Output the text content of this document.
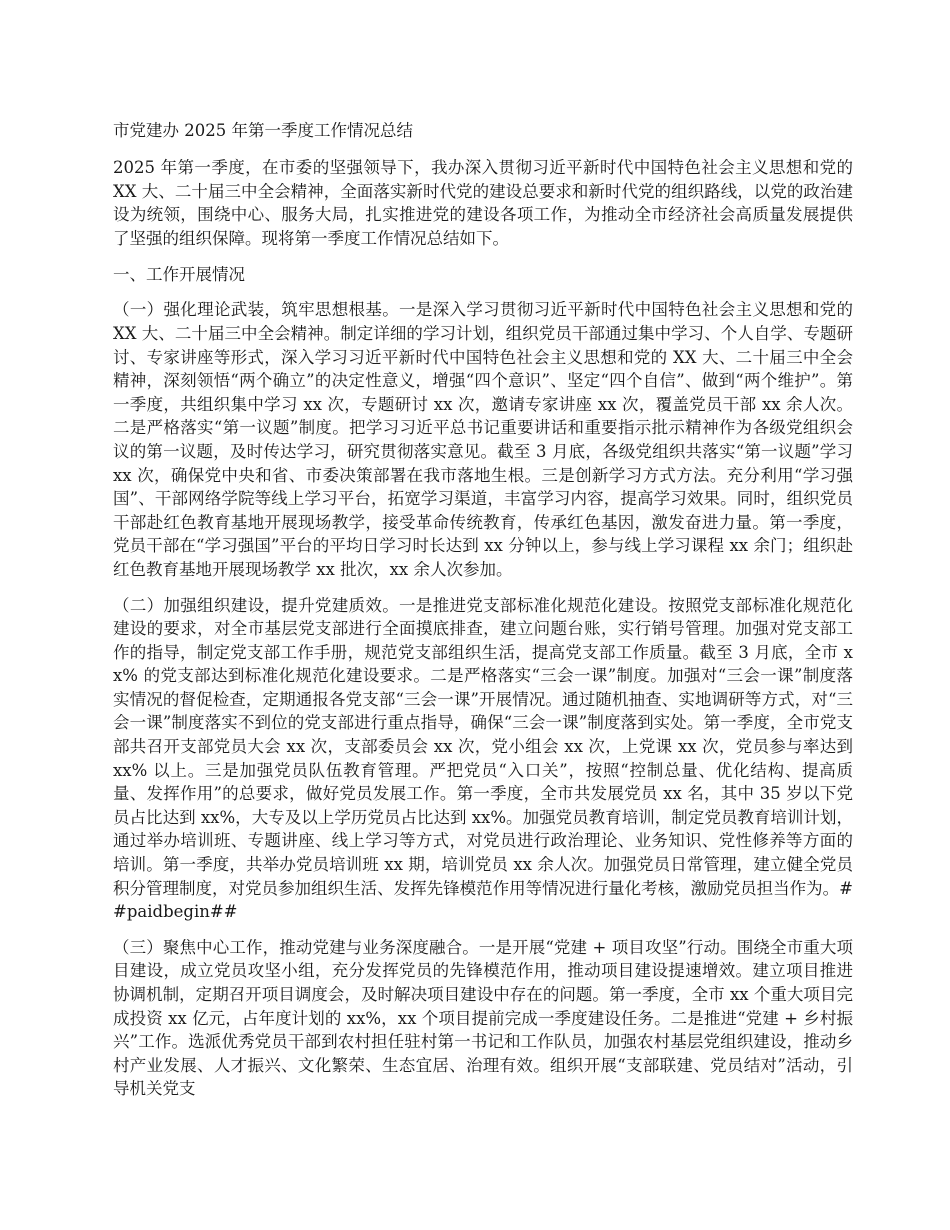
市党建办 2025 年第一季度工作情况总结
2025 年第一季度，在市委的坚强领导下，我办深入贯彻习近平新时代中国特色社会主义思想和党的 XX 大、二十届三中全会精神，全面落实新时代党的建设总要求和新时代党的组织路线，以党的政治建设为统领，围绕中心、服务大局，扎实推进党的建设各项工作，为推动全市经济社会高质量发展提供了坚强的组织保障。现将第一季度工作情况总结如下。
一、工作开展情况
（一）强化理论武装，筑牢思想根基。一是深入学习贯彻习近平新时代中国特色社会主义思想和党的 XX 大、二十届三中全会精神。制定详细的学习计划，组织党员干部通过集中学习、个人自学、专题研讨、专家讲座等形式，深入学习习近平新时代中国特色社会主义思想和党的 XX 大、二十届三中全会精神，深刻领悟“两个确立”的决定性意义，增强“四个意识”、坚定“四个自信”、做到“两个维护”。第一季度，共组织集中学习 xx 次，专题研讨 xx 次，邀请专家讲座 xx 次，覆盖党员干部 xx 余人次。二是严格落实“第一议题”制度。把学习习近平总书记重要讲话和重要指示批示精神作为各级党组织会议的第一议题，及时传达学习，研究贯彻落实意见。截至 3 月底，各级党组织共落实“第一议题”学习 xx 次，确保党中央和省、市委决策部署在我市落地生根。三是创新学习方式方法。充分利用“学习强国”、干部网络学院等线上学习平台，拓宽学习渠道，丰富学习内容，提高学习效果。同时，组织党员干部赴红色教育基地开展现场教学，接受革命传统教育，传承红色基因，激发奋进力量。第一季度，党员干部在“学习强国”平台的平均日学习时长达到 xx 分钟以上，参与线上学习课程 xx 余门；组织赴红色教育基地开展现场教学 xx 批次，xx 余人次参加。
（二）加强组织建设，提升党建质效。一是推进党支部标准化规范化建设。按照党支部标准化规范化建设的要求，对全市基层党支部进行全面摸底排查，建立问题台账，实行销号管理。加强对党支部工作的指导，制定党支部工作手册，规范党支部组织生活，提高党支部工作质量。截至 3 月底，全市 xx% 的党支部达到标准化规范化建设要求。二是严格落实“三会一课”制度。加强对“三会一课”制度落实情况的督促检查，定期通报各党支部“三会一课”开展情况。通过随机抽查、实地调研等方式，对“三会一课”制度落实不到位的党支部进行重点指导，确保“三会一课”制度落到实处。第一季度，全市党支部共召开支部党员大会 xx 次，支部委员会 xx 次，党小组会 xx 次，上党课 xx 次，党员参与率达到 xx% 以上。三是加强党员队伍教育管理。严把党员“入口关”，按照“控制总量、优化结构、提高质量、发挥作用”的总要求，做好党员发展工作。第一季度，全市共发展党员 xx 名，其中 35 岁以下党员占比达到 xx%，大专及以上学历党员占比达到 xx%。加强党员教育培训，制定党员教育培训计划，通过举办培训班、专题讲座、线上学习等方式，对党员进行政治理论、业务知识、党性修养等方面的培训。第一季度，共举办党员培训班 xx 期，培训党员 xx 余人次。加强党员日常管理，建立健全党员积分管理制度，对党员参加组织生活、发挥先锋模范作用等情况进行量化考核，激励党员担当作为。##paidbegin##
（三）聚焦中心工作，推动党建与业务深度融合。一是开展“党建 + 项目攻坚”行动。围绕全市重大项目建设，成立党员攻坚小组，充分发挥党员的先锋模范作用，推动项目建设提速增效。建立项目推进协调机制，定期召开项目调度会，及时解决项目建设中存在的问题。第一季度，全市 xx 个重大项目完成投资 xx 亿元，占年度计划的 xx%，xx 个项目提前完成一季度建设任务。二是推进“党建 + 乡村振兴”工作。选派优秀党员干部到农村担任驻村第一书记和工作队员，加强农村基层党组织建设，推动乡村产业发展、人才振兴、文化繁荣、生态宜居、治理有效。组织开展“支部联建、党员结对”活动，引导机关党支
